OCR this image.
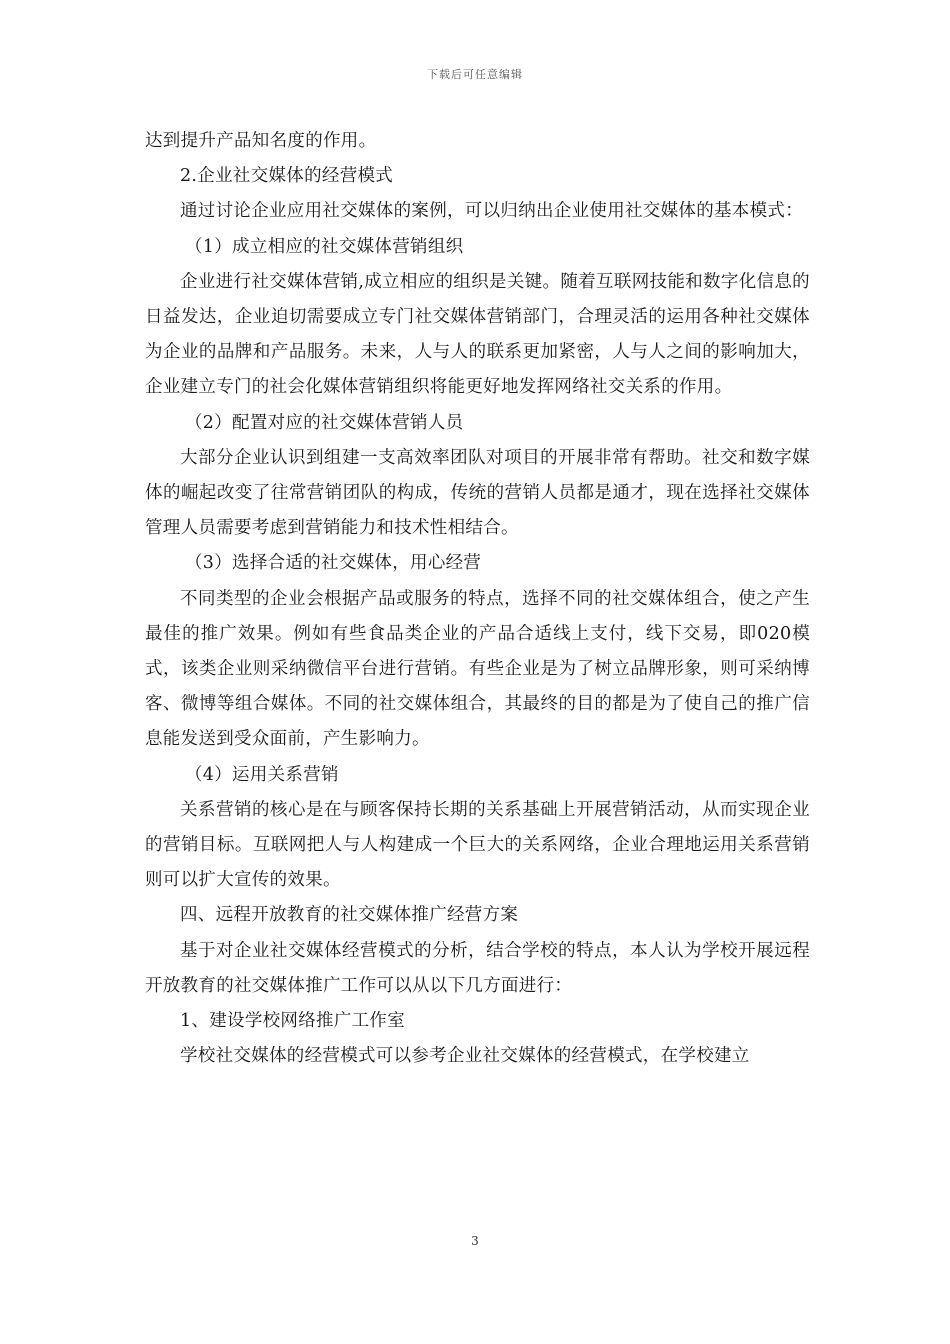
下载后可任意编辑

达到提升产品知名度的作用。

2.企业社交媒体的经营模式

通过讨论企业应用社交媒体的案例，可以归纳出企业使用社交媒体的基本模式：

（1）成立相应的社交媒体营销组织

企业进行社交媒体营销,成立相应的组织是关键。随着互联网技能和数字化信息的日益发达，企业迫切需要成立专门社交媒体营销部门，合理灵活的运用各种社交媒体为企业的品牌和产品服务。未来，人与人的联系更加紧密，人与人之间的影响加大，企业建立专门的社会化媒体营销组织将能更好地发挥网络社交关系的作用。

（2）配置对应的社交媒体营销人员

大部分企业认识到组建一支高效率团队对项目的开展非常有帮助。社交和数字媒体的崛起改变了往常营销团队的构成，传统的营销人员都是通才，现在选择社交媒体管理人员需要考虑到营销能力和技术性相结合。

（3）选择合适的社交媒体，用心经营

不同类型的企业会根据产品或服务的特点，选择不同的社交媒体组合，使之产生最佳的推广效果。例如有些食品类企业的产品合适线上支付，线下交易，即020模式，该类企业则采纳微信平台进行营销。有些企业是为了树立品牌形象，则可采纳博客、微博等组合媒体。不同的社交媒体组合，其最终的目的都是为了使自己的推广信息能发送到受众面前，产生影响力。

（4）运用关系营销

关系营销的核心是在与顾客保持长期的关系基础上开展营销活动，从而实现企业的营销目标。互联网把人与人构建成一个巨大的关系网络，企业合理地运用关系营销则可以扩大宣传的效果。

四、远程开放教育的社交媒体推广经营方案

基于对企业社交媒体经营模式的分析，结合学校的特点，本人认为学校开展远程开放教育的社交媒体推广工作可以从以下几方面进行：

1、建设学校网络推广工作室

学校社交媒体的经营模式可以参考企业社交媒体的经营模式，在学校建立

3
